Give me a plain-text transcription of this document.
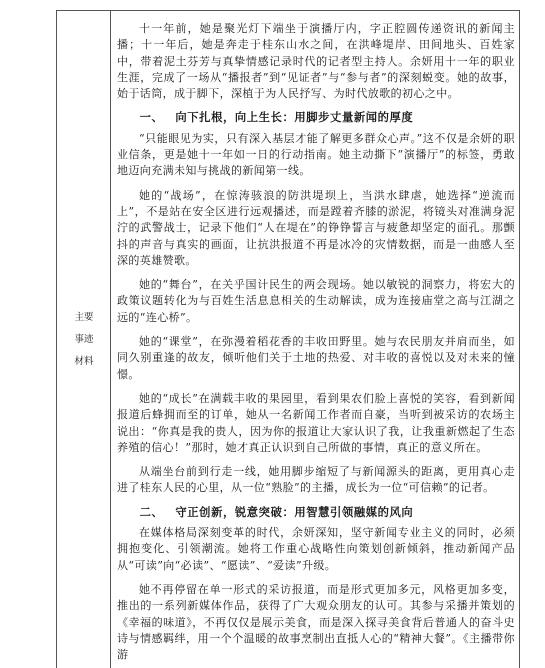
主要
事迹
材料

十一年前，她是聚光灯下端坐于演播厅内，字正腔圆传递资讯的新闻主播；十一年后，她是奔走于桂东山水之间，在洪峰堤岸、田间地头、百姓家中，带着泥土芬芳与真挚情感记录时代的记者型主持人。余妍用十一年的职业生涯，完成了一场从“播报者”到“见证者”与“参与者”的深刻蜕变。她的故事，始于话筒，成于脚下，深植于为人民抒写、为时代放歌的初心之中。

一、 向下扎根，向上生长：用脚步丈量新闻的厚度

“只能眼见为实，只有深入基层才能了解更多群众心声。”这不仅是余妍的职业信条，更是她十一年如一日的行动指南。她主动撕下“演播厅”的标签，勇敢地迈向充满未知与挑战的新闻第一线。

她的“战场”，在惊涛骇浪的防洪堤坝上，当洪水肆虐，她选择“逆流而上”，不是站在安全区进行远观播述，而是蹚着齐膝的淤泥，将镜头对准满身泥泞的武警战士，记录下他们“人在堤在”的铮铮誓言与疲惫却坚定的面孔。那颤抖的声音与真实的画面，让抗洪报道不再是冰冷的灾情数据，而是一曲感人至深的英雄赞歌。

她的“舞台”，在关乎国计民生的两会现场。她以敏锐的洞察力，将宏大的政策议题转化为与百姓生活息息相关的生动解读，成为连接庙堂之高与江湖之远的“连心桥”。

她的“课堂”，在弥漫着稻花香的丰收田野里。她与农民朋友并肩而坐，如同久别重逢的故友，倾听他们关于土地的热爱、对丰收的喜悦以及对未来的憧憬。

她的“成长”在满载丰收的果园里，看到果农们脸上喜悦的笑容，看到新闻报道后蜂拥而至的订单，她从一名新闻工作者而自豪，当听到被采访的农场主说出：“你真是我的贵人，因为你的报道让大家认识了我，让我重新燃起了生态养殖的信心！”那时，她才真正认识到自己所做的事情，真正的意义所在。

从端坐台前到行走一线，她用脚步缩短了与新闻源头的距离，更用真心走进了桂东人民的心里，从一位“熟脸”的主播，成长为一位“可信赖”的记者。

二、 守正创新，锐意突破：用智慧引领融媒的风向

在媒体格局深刻变革的时代，余妍深知，坚守新闻专业主义的同时，必须拥抱变化、引领潮流。她将工作重心战略性向策划创新倾斜，推动新闻产品从“可读”向“必读”、“愿读”、“爱读”升级。

她不再停留在单一形式的采访报道，而是形式更加多元，风格更加多变，推出的一系列新媒体作品，获得了广大观众朋友的认可。其参与采播并策划的《幸福的味道》，不再仅仅是展示美食，而是深入探寻美食背后普通人的奋斗史诗与情感羁绊，用一个个温暖的故事烹制出直抵人心的“精神大餐”。《主播带你游
